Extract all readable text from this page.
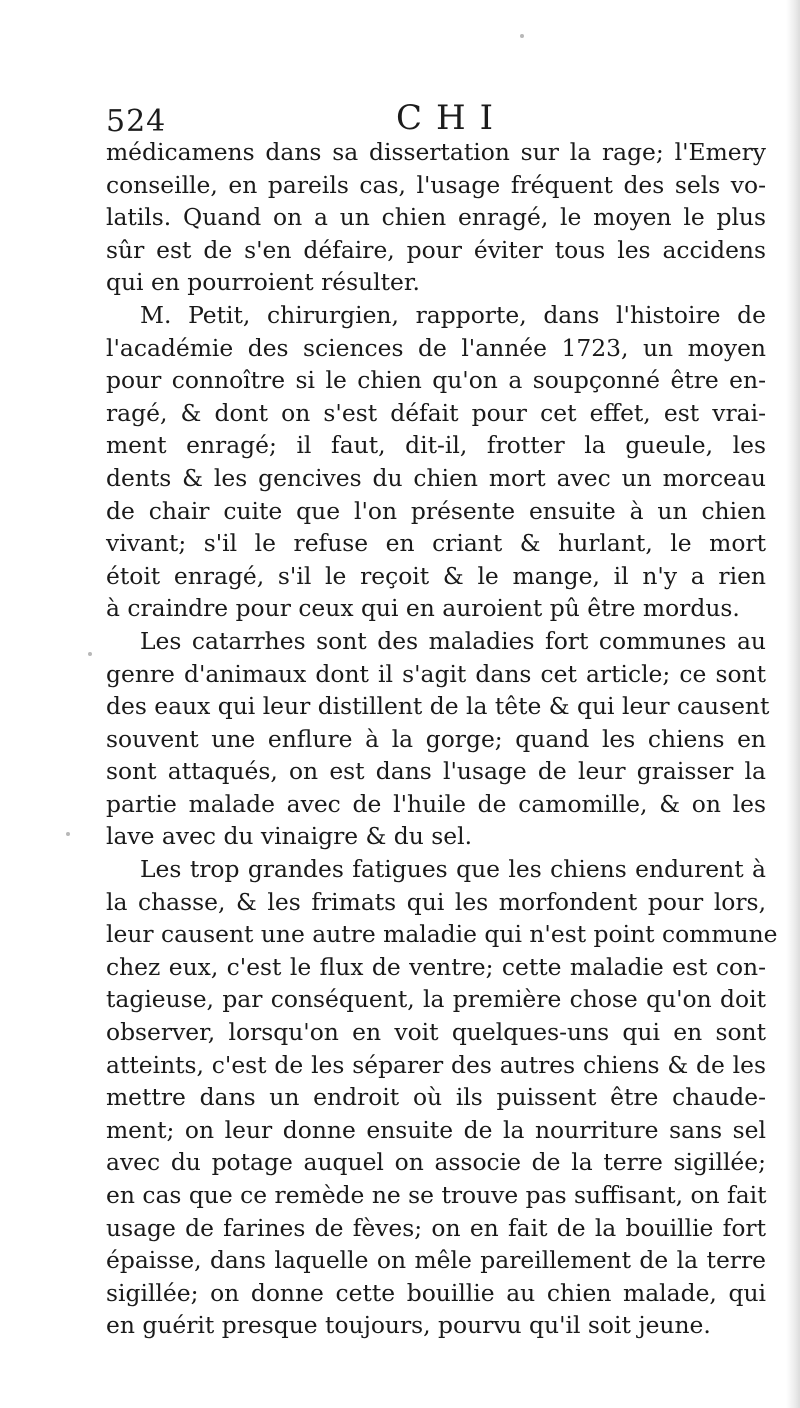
524	CHI
médicamens dans sa dissertation sur la rage; l'Emery
conseille, en pareils cas, l'usage fréquent des sels vo-
latils. Quand on a un chien enragé, le moyen le plus
sûr est de s'en défaire, pour éviter tous les accidens
qui en pourroient résulter.
M. Petit, chirurgien, rapporte, dans l'histoire de
l'académie des sciences de l'année 1723, un moyen
pour connoître si le chien qu'on a soupçonné être en-
ragé, & dont on s'est défait pour cet effet, est vrai-
ment enragé; il faut, dit-il, frotter la gueule, les
dents & les gencives du chien mort avec un morceau
de chair cuite que l'on présente ensuite à un chien
vivant; s'il le refuse en criant & hurlant, le mort
étoit enragé, s'il le reçoit & le mange, il n'y a rien
à craindre pour ceux qui en auroient pû être mordus.
Les catarrhes sont des maladies fort communes au
genre d'animaux dont il s'agit dans cet article; ce sont
des eaux qui leur distillent de la tête & qui leur causent
souvent une enflure à la gorge; quand les chiens en
sont attaqués, on est dans l'usage de leur graisser la
partie malade avec de l'huile de camomille, & on les
lave avec du vinaigre & du sel.
Les trop grandes fatigues que les chiens endurent à
la chasse, & les frimats qui les morfondent pour lors,
leur causent une autre maladie qui n'est point commune
chez eux, c'est le flux de ventre; cette maladie est con-
tagieuse, par conséquent, la première chose qu'on doit
observer, lorsqu'on en voit quelques-uns qui en sont
atteints, c'est de les séparer des autres chiens & de les
mettre dans un endroit où ils puissent être chaude-
ment; on leur donne ensuite de la nourriture sans sel
avec du potage auquel on associe de la terre sigillée;
en cas que ce remède ne se trouve pas suffisant, on fait
usage de farines de fèves; on en fait de la bouillie fort
épaisse, dans laquelle on mêle pareillement de la terre
sigillée; on donne cette bouillie au chien malade, qui
en guérit presque toujours, pourvu qu'il soit jeune.
